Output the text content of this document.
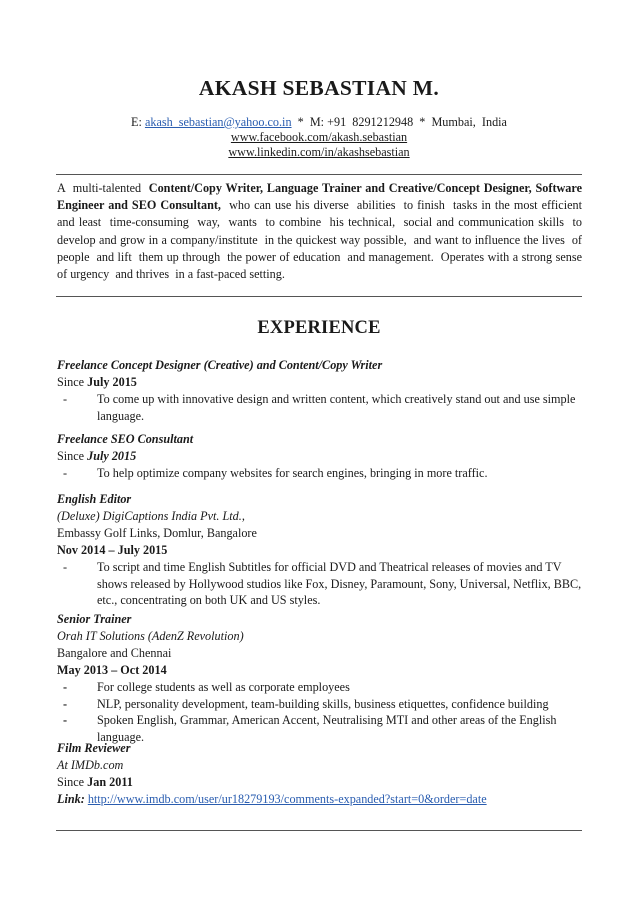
AKASH SEBASTIAN M.
E: akash_sebastian@yahoo.co.in  *  M: +91  8291212948  *  Mumbai,  India
www.facebook.com/akash.sebastian
www.linkedin.com/in/akashsebastian
A  multi-talented  Content/Copy Writer, Language Trainer and Creative/Concept Designer, Software Engineer and SEO Consultant,  who can use his diverse  abilities  to finish  tasks in the most efficient  and least  time-consuming  way,  wants  to combine  his technical,  social and communication skills  to develop and grow in a company/institute  in the quickest way possible,  and want to influence the lives  of people  and lift  them up through  the power of education  and management.  Operates with a strong sense of urgency  and thrives  in a fast-paced setting.
EXPERIENCE
Freelance Concept Designer (Creative) and Content/Copy Writer
Since July 2015
- To come up with innovative design and written content, which creatively stand out and use simple language.
Freelance SEO Consultant
Since July 2015
- To help optimize company websites for search engines, bringing in more traffic.
English Editor
(Deluxe) DigiCaptions India Pvt. Ltd.,
Embassy Golf Links, Domlur, Bangalore
Nov 2014 – July 2015
- To script and time English Subtitles for official DVD and Theatrical releases of movies and TV shows released by Hollywood studios like Fox, Disney, Paramount, Sony, Universal, Netflix, BBC, etc., concentrating on both UK and US styles.
Senior Trainer
Orah IT Solutions (AdenZ Revolution)
Bangalore and Chennai
May 2013 – Oct 2014
- For college students as well as corporate employees
- NLP, personality development, team-building skills, business etiquettes, confidence building
- Spoken English, Grammar, American Accent, Neutralising MTI and other areas of the English language.
Film Reviewer
At IMDb.com
Since Jan 2011
Link: http://www.imdb.com/user/ur18279193/comments-expanded?start=0&order=date
